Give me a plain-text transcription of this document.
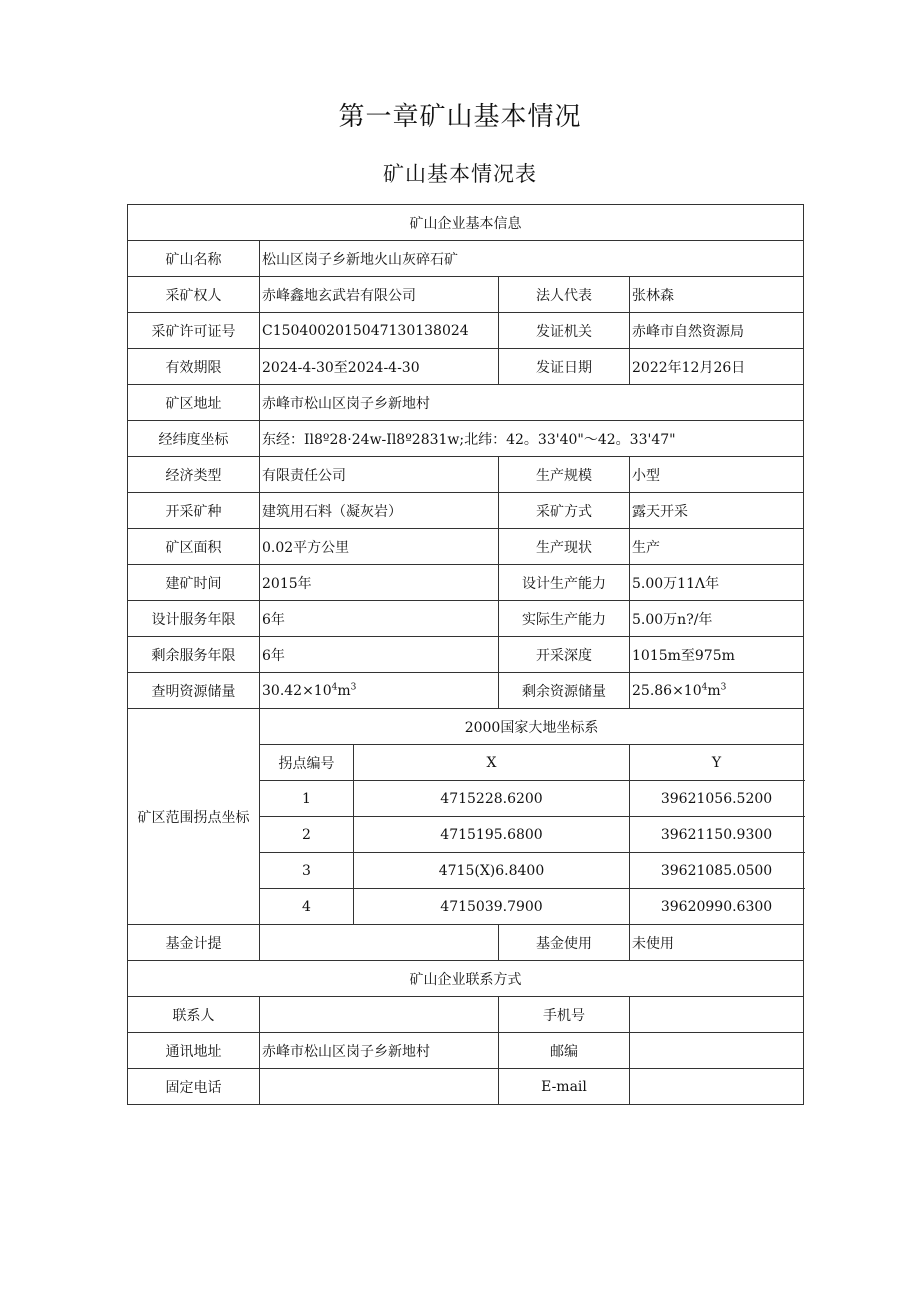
第一章矿山基本情况
矿山基本情况表
矿山企业基本信息				
矿山名称	松山区岗子乡新地火山灰碎石矿			
采矿权人	赤峰鑫地玄武岩有限公司		法人代表	张林森
采矿许可证号	C1504002015047130138024		发证机关	赤峰市自然资源局
有效期限	2024-4-30至2024-4-30		发证日期	2022年12月26日
矿区地址	赤峰市松山区岗子乡新地村			
经纬度坐标	东经：Il8º28·24w-Il8º2831w;北纬：42。33'40"～42。33'47"			
经济类型	有限责任公司		生产规模	小型
开采矿种	建筑用石料（凝灰岩）		采矿方式	露天开采
矿区面积	0.02平方公里		生产现状	生产
建矿时间	2015年		设计生产能力	5.00万11Λ年
设计服务年限	6年		实际生产能力	5.00万n?/年
剩余服务年限	6年		开采深度	1015m至975m
查明资源储量	$30.42\times 10^4m^3$		剩余资源储量	$25.86\times 10^4m^3$
矿区范围拐点坐标	2000国家大地坐标系			
	拐点编号	X		Y
	1	4715228.6200		39621056.5200
	2	4715195.6800		39621150.9300
	3	4715(X)6.8400		39621085.0500
	4	4715039.7900		39620990.6300
基金计提			基金使用	未使用
矿山企业联系方式				
联系人			手机号	
通讯地址	赤峰市松山区岗子乡新地村		邮编	
固定电话			E-mail	
